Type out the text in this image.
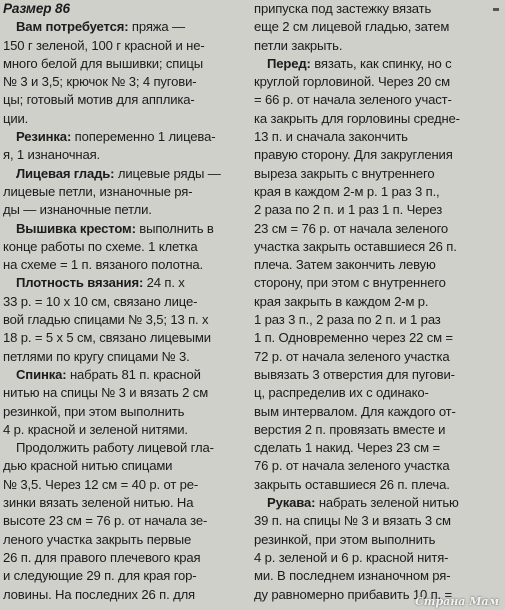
Размер 86
Вам потребуется: пряжа —
150 г зеленой, 100 г красной и не-
много белой для вышивки; спицы
№ 3 и 3,5; крючок № 3; 4 пугови-
цы; готовый мотив для апплика-
ции.
Резинка: попеременно 1 лицева-
я, 1 изнаночная.
Лицевая гладь: лицевые ряды —
лицевые петли, изнаночные ря-
ды — изнаночные петли.
Вышивка крестом: выполнить в
конце работы по схеме. 1 клетка
на схеме = 1 п. вязаного полотна.
Плотность вязания: 24 п. х
33 р. = 10 х 10 см, связано лице-
вой гладью спицами № 3,5; 13 п. х
18 р. = 5 х 5 см, связано лицевыми
петлями по кругу спицами № 3.
Спинка: набрать 81 п. красной
нитью на спицы № 3 и вязать 2 см
резинкой, при этом выполнить
4 р. красной и зеленой нитями.
Продолжить работу лицевой гла-
дью красной нитью спицами
№ 3,5. Через 12 см = 40 р. от ре-
зинки вязать зеленой нитью. На
высоте 23 см = 76 р. от начала зе-
леного участка закрыть первые
26 п. для правого плечевого края
и следующие 29 п. для края гор-
ловины. На последних 26 п. для
припуска под застежку вязать
еще 2 см лицевой гладью, затем
петли закрыть.
Перед: вязать, как спинку, но с
круглой горловиной. Через 20 см
= 66 р. от начала зеленого участ-
ка закрыть для горловины средне-
13 п. и сначала закончить
правую сторону. Для закругления
выреза закрыть с внутреннего
края в каждом 2-м р. 1 раз 3 п.,
2 раза по 2 п. и 1 раз 1 п. Через
23 см = 76 р. от начала зеленого
участка закрыть оставшиеся 26 п.
плеча. Затем закончить левую
сторону, при этом с внутреннего
края закрыть в каждом 2-м р.
1 раз 3 п., 2 раза по 2 п. и 1 раз
1 п. Одновременно через 22 см =
72 р. от начала зеленого участка
вывязать 3 отверстия для пугови-
ц, распределив их с одинако-
вым интервалом. Для каждого от-
верстия 2 п. провязать вместе и
сделать 1 накид. Через 23 см =
76 р. от начала зеленого участка
закрыть оставшиеся 26 п. плеча.
Рукава: набрать зеленой нитью
39 п. на спицы № 3 и вязать 3 см
резинкой, при этом выполнить
4 р. зеленой и 6 р. красной нитя-
ми. В последнем изнаночном ря-
ду равномерно прибавить 10 п. =
Страна Мам
